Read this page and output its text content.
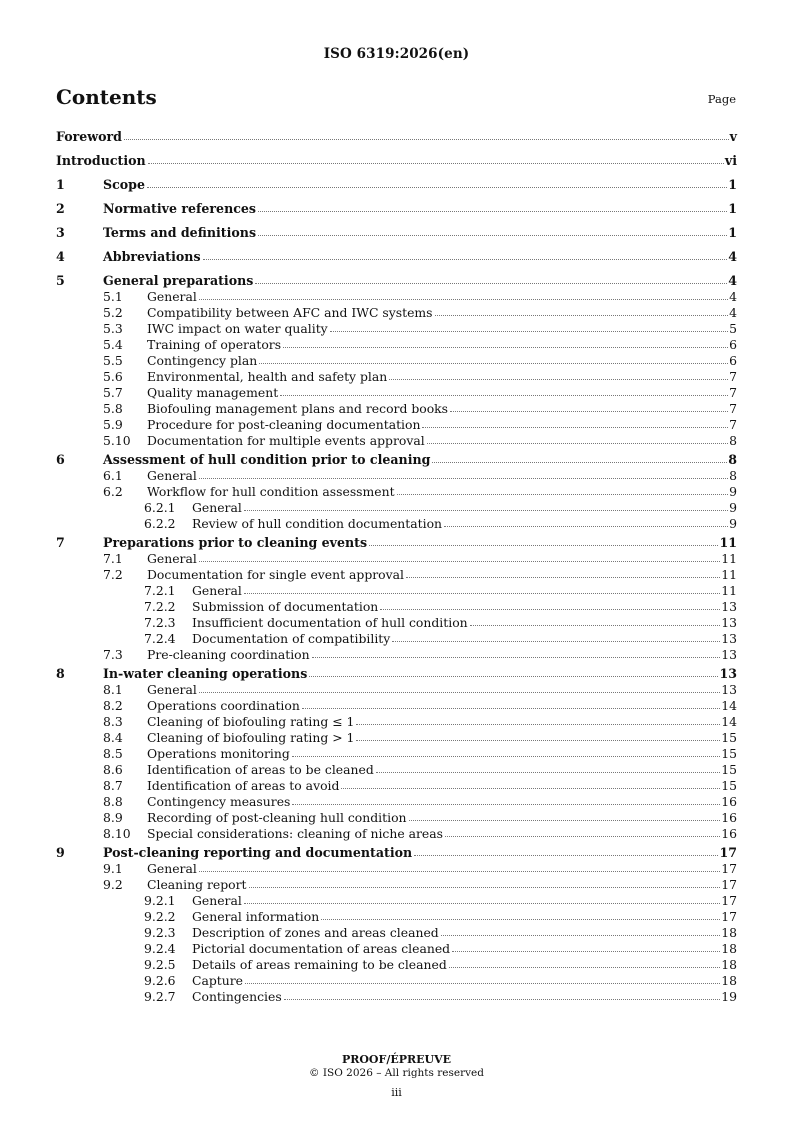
ISO 6319:2026(en)
Contents	Page
Foreword	v
Introduction	vi
1	Scope	1
2	Normative references	1
3	Terms and definitions	1
4	Abbreviations	4
5	General preparations	4
5.1	General	4
5.2	Compatibility between AFC and IWC systems	4
5.3	IWC impact on water quality	5
5.4	Training of operators	6
5.5	Contingency plan	6
5.6	Environmental, health and safety plan	7
5.7	Quality management	7
5.8	Biofouling management plans and record books	7
5.9	Procedure for post-cleaning documentation	7
5.10	Documentation for multiple events approval	8
6	Assessment of hull condition prior to cleaning	8
6.1	General	8
6.2	Workflow for hull condition assessment	9
6.2.1	General	9
6.2.2	Review of hull condition documentation	9
7	Preparations prior to cleaning events	11
7.1	General	11
7.2	Documentation for single event approval	11
7.2.1	General	11
7.2.2	Submission of documentation	13
7.2.3	Insufficient documentation of hull condition	13
7.2.4	Documentation of compatibility	13
7.3	Pre-cleaning coordination	13
8	In-water cleaning operations	13
8.1	General	13
8.2	Operations coordination	14
8.3	Cleaning of biofouling rating ≤ 1	14
8.4	Cleaning of biofouling rating > 1	15
8.5	Operations monitoring	15
8.6	Identification of areas to be cleaned	15
8.7	Identification of areas to avoid	15
8.8	Contingency measures	16
8.9	Recording of post-cleaning hull condition	16
8.10	Special considerations: cleaning of niche areas	16
9	Post-cleaning reporting and documentation	17
9.1	General	17
9.2	Cleaning report	17
9.2.1	General	17
9.2.2	General information	17
9.2.3	Description of zones and areas cleaned	18
9.2.4	Pictorial documentation of areas cleaned	18
9.2.5	Details of areas remaining to be cleaned	18
9.2.6	Capture	18
9.2.7	Contingencies	19
PROOF/ÉPREUVE
© ISO 2026 – All rights reserved
iii
